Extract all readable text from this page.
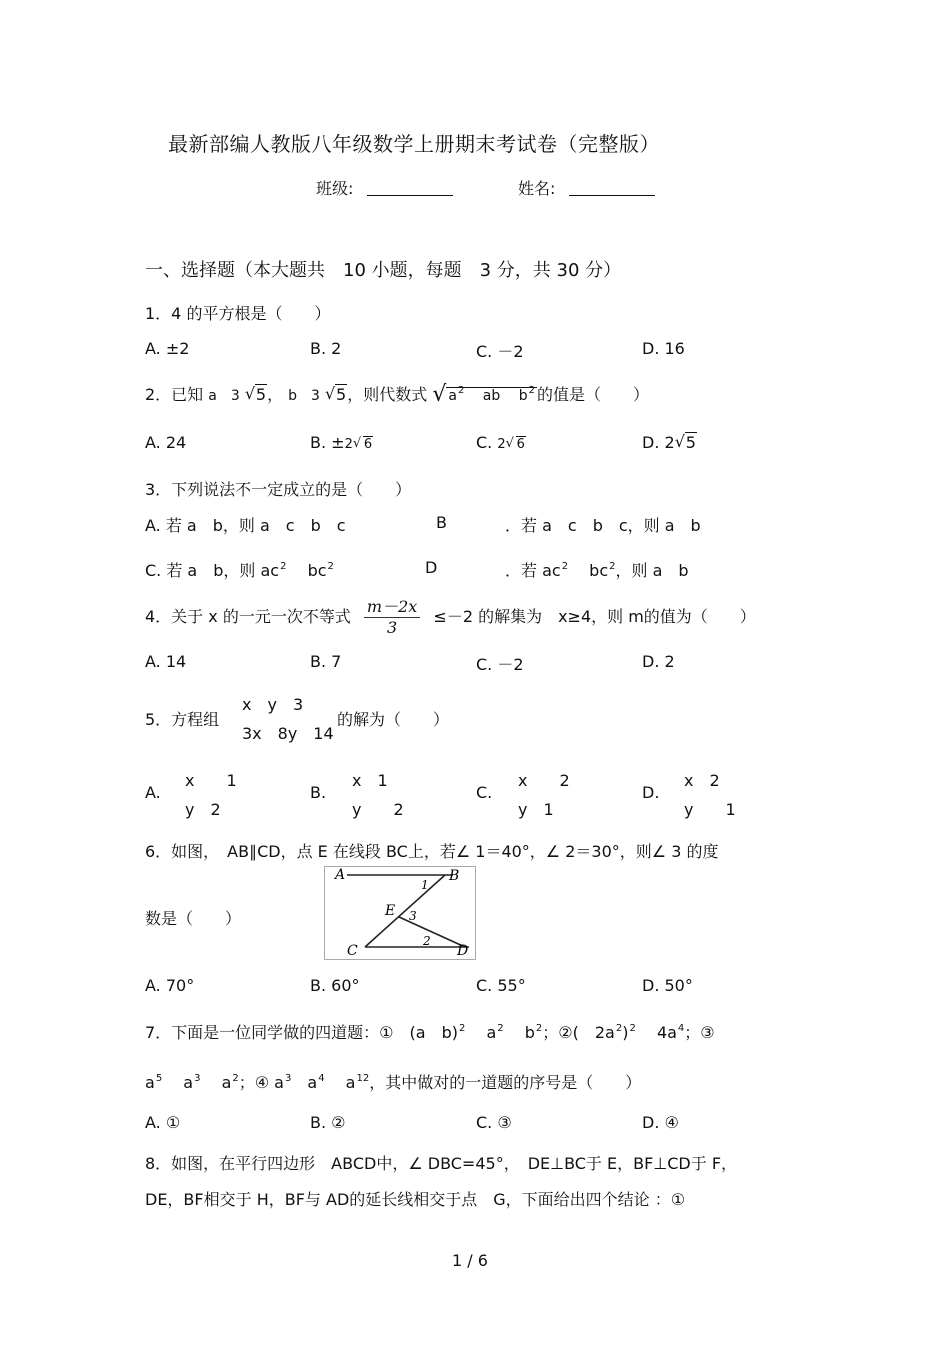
最新部编人教版八年级数学上册期末考试卷（完整版）
班级:	姓名:
一、选择题（本大题共　10 小题，每题　3 分，共 30 分）
1．4 的平方根是（　　）
A. ±2	B. 2	C. －2	D. 16
2．已知 a　3 √ 5， b　3 √ 5，则代数式 √ $a^2$　 ab　 $b^2$ 的值是（　　）
A. 24	B. ±2 √ 6	C. 2 √ 6	D. 2 √ 5
3．下列说法不一定成立的是（　　）
A. 若 a　b，则 a　c　b　c	B	．若 a　c　b　c，则 a　b
C. 若 a　b，则 $ac^2$　 $bc^2$	D	．若 $ac^2$　 $bc^2$，则 a　b
4．关于 x 的一元一次不等式 $\frac{m-2x}{3} \le-2$ 的解集为　x≥4，则 m的值为（　　）
A. 14	B. 7	C. －2	D. 2
5．方程组
x　y　3
3x　8y　14
的解为（　　）
A.
x　　1
y　2
B.
x　1
y　　2
C.
x　　2
y　1
D.
x　2
y　　1
6．如图，　AB∥CD，点 E 在线段 BC上，若∠ 1＝40°，∠ 2＝30°，则∠ 3 的度
A	B
E
C	D
1
2
3
数是（　　）
A. 70°	B. 60°	C. 55°	D. 50°
7．下面是一位同学做的四道题：①　(a　b)$^2$　 $a^2$　 $b^2$；②(　$2a^2)^2$　 $4a^4$；③
$a^5$　 $a^3$　 $a^2$；④ $a^3$　 $a^4$　 $a^{12}$，其中做对的一道题的序号是（　　）
A. ①	B. ②	C. ③	D. ④
8．如图，在平行四边形　ABCD中，∠ DBC=45°，　DE⊥BC于 E，BF⊥CD于 F，
DE，BF相交于 H，BF与 AD的延长线相交于点　G，下面给出四个结论 ：①
1 / 6
